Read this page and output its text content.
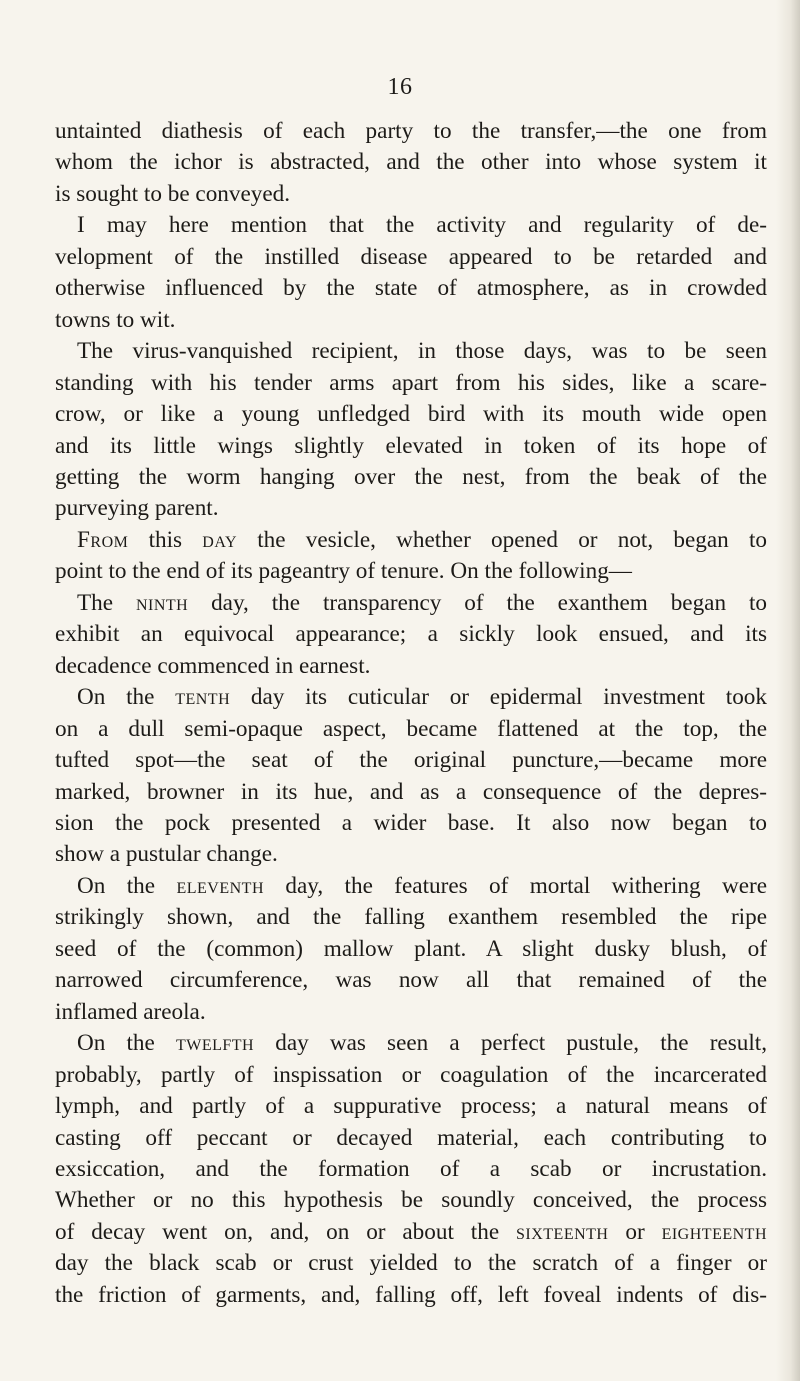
16
untainted diathesis of each party to the transfer,—the one from
whom the ichor is abstracted, and the other into whose system it
is sought to be conveyed.
I may here mention that the activity and regularity of de-
velopment of the instilled disease appeared to be retarded and
otherwise influenced by the state of atmosphere, as in crowded
towns to wit.
The virus-vanquished recipient, in those days, was to be seen
standing with his tender arms apart from his sides, like a scare-
crow, or like a young unfledged bird with its mouth wide open
and its little wings slightly elevated in token of its hope of
getting the worm hanging over the nest, from the beak of the
purveying parent.
From this day the vesicle, whether opened or not, began to
point to the end of its pageantry of tenure. On the following—
The ninth day, the transparency of the exanthem began to
exhibit an equivocal appearance; a sickly look ensued, and its
decadence commenced in earnest.
On the tenth day its cuticular or epidermal investment took
on a dull semi-opaque aspect, became flattened at the top, the
tufted spot—the seat of the original puncture,—became more
marked, browner in its hue, and as a consequence of the depres-
sion the pock presented a wider base. It also now began to
show a pustular change.
On the eleventh day, the features of mortal withering were
strikingly shown, and the falling exanthem resembled the ripe
seed of the (common) mallow plant. A slight dusky blush, of
narrowed circumference, was now all that remained of the
inflamed areola.
On the twelfth day was seen a perfect pustule, the result,
probably, partly of inspissation or coagulation of the incarcerated
lymph, and partly of a suppurative process; a natural means of
casting off peccant or decayed material, each contributing to
exsiccation, and the formation of a scab or incrustation.
Whether or no this hypothesis be soundly conceived, the process
of decay went on, and, on or about the sixteenth or eighteenth
day the black scab or crust yielded to the scratch of a finger or
the friction of garments, and, falling off, left foveal indents of dis-
